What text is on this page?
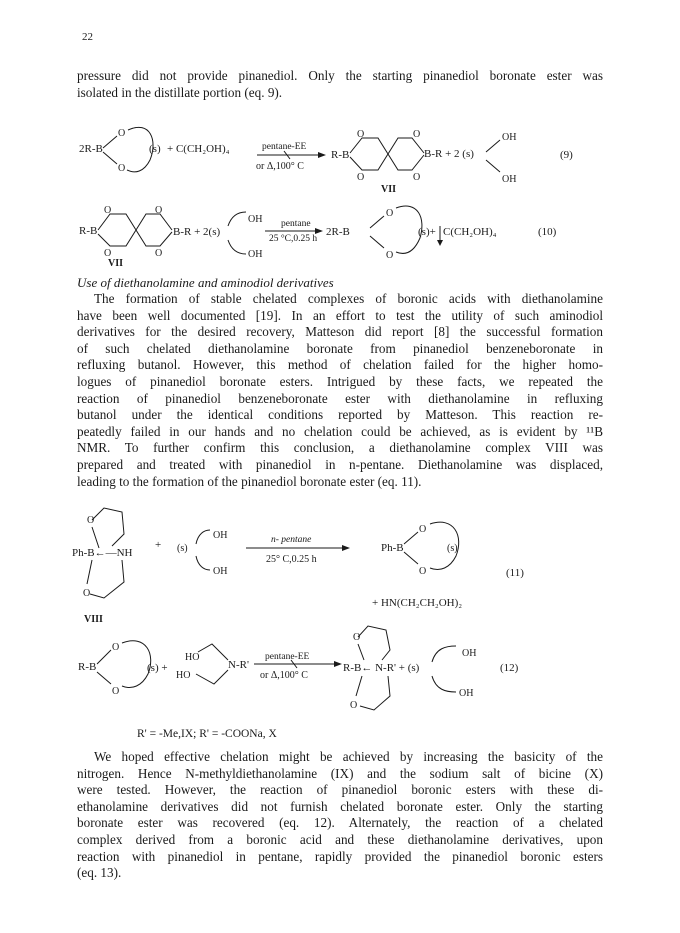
22

pressure did not provide pinanediol. Only the starting pinanediol boronate ester was
isolated in the distillate portion (eq. 9).

2R-B
O
O
(s) + C(CH₂OH)₄	pentane-EE
or Δ,100° C
R-B
O
O
O
O
B-R + 2 (s)
OH
OH
VII
(9)
R-B
O
O
O
O
B-R + 2(s)
OH
OH
VII
pentane
25 °C,0.25 h
2R-B
O
O
(s)+ C(CH₂OH)₄	(10)

Use of diethanolamine and aminodiol derivatives

The formation of stable chelated complexes of boronic acids with diethanolamine
have been well documented [19]. In an effort to test the utility of such aminodiol
derivatives for the desired recovery, Matteson did report [8] the successful formation
of such chelated diethanolamine boronate from pinanediol benzeneboronate in
refluxing butanol. However, this method of chelation failed for the higher homo-
logues of pinanediol boronate esters. Intrigued by these facts, we repeated the
reaction of pinanediol benzeneboronate ester with diethanolamine in refluxing
butanol under the identical conditions reported by Matteson. This reaction re-
peatedly failed in our hands and no chelation could be achieved, as is evident by ¹¹B
NMR. To further confirm this conclusion, a diethanolamine complex VIII was
prepared and treated with pinanediol in n-pentane. Diethanolamine was displaced,
leading to the formation of the pinanediol boronate ester (eq. 11).

O
Ph-B←—NH
O
VIII
+ (s)
OH
OH
n- pentane
25° C,0.25 h
Ph-B
O
O
(s)
(11)
+ HN(CH₂CH₂OH)₂
R-B
O
O
(s) +
HO
HO
N-R'
pentane-EE
or Δ,100° C
O
R-B← N-R' + (s)
O
OH
OH
(12)

R' = -Me,IX; R' = -COONa, X

We hoped effective chelation might be achieved by increasing the basicity of the
nitrogen. Hence N-methyldiethanolamine (IX) and the sodium salt of bicine (X)
were tested. However, the reaction of pinanediol boronic esters with these di-
ethanolamine derivatives did not furnish chelated boronate ester. Only the starting
boronate ester was recovered (eq. 12). Alternately, the reaction of a chelated
complex derived from a boronic acid and these diethanolamine derivatives, upon
reaction with pinanediol in pentane, rapidly provided the pinanediol boronic esters
(eq. 13).
